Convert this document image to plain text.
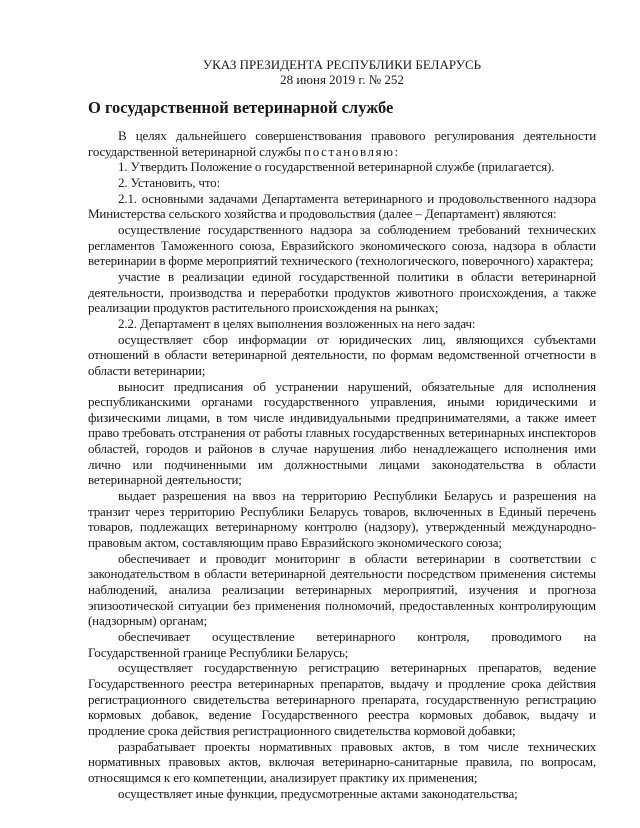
УКАЗ ПРЕЗИДЕНТА РЕСПУБЛИКИ БЕЛАРУСЬ
28 июня 2019 г. № 252
О государственной ветеринарной службе

В целях дальнейшего совершенствования правового регулирования деятельности государственной ветеринарной службы постановляю:

1. Утвердить Положение о государственной ветеринарной службе (прилагается).

2. Установить, что:

2.1. основными задачами Департамента ветеринарного и продовольственного надзора Министерства сельского хозяйства и продовольствия (далее – Департамент) являются:

осуществление государственного надзора за соблюдением требований технических регламентов Таможенного союза, Евразийского экономического союза, надзора в области ветеринарии в форме мероприятий технического (технологического, поверочного) характера;

участие в реализации единой государственной политики в области ветеринарной деятельности, производства и переработки продуктов животного происхождения, а также реализации продуктов растительного происхождения на рынках;

2.2. Департамент в целях выполнения возложенных на него задач:

осуществляет сбор информации от юридических лиц, являющихся субъектами отношений в области ветеринарной деятельности, по формам ведомственной отчетности в области ветеринарии;

выносит предписания об устранении нарушений, обязательные для исполнения республиканскими органами государственного управления, иными юридическими и физическими лицами, в том числе индивидуальными предпринимателями, а также имеет право требовать отстранения от работы главных государственных ветеринарных инспекторов областей, городов и районов в случае нарушения либо ненадлежащего исполнения ими лично или подчиненными им должностными лицами законодательства в области ветеринарной деятельности;

выдает разрешения на ввоз на территорию Республики Беларусь и разрешения на транзит через территорию Республики Беларусь товаров, включенных в Единый перечень товаров, подлежащих ветеринарному контролю (надзору), утвержденный международно-правовым актом, составляющим право Евразийского экономического союза;

обеспечивает и проводит мониторинг в области ветеринарии в соответствии с законодательством в области ветеринарной деятельности посредством применения системы наблюдений, анализа реализации ветеринарных мероприятий, изучения и прогноза эпизоотической ситуации без применения полномочий, предоставленных контролирующим (надзорным) органам;

обеспечивает осуществление ветеринарного контроля, проводимого на Государственной границе Республики Беларусь;

осуществляет государственную регистрацию ветеринарных препаратов, ведение Государственного реестра ветеринарных препаратов, выдачу и продление срока действия регистрационного свидетельства ветеринарного препарата, государственную регистрацию кормовых добавок, ведение Государственного реестра кормовых добавок, выдачу и продление срока действия регистрационного свидетельства кормовой добавки;

разрабатывает проекты нормативных правовых актов, в том числе технических нормативных правовых актов, включая ветеринарно-санитарные правила, по вопросам, относящимся к его компетенции, анализирует практику их применения;

осуществляет иные функции, предусмотренные актами законодательства;
